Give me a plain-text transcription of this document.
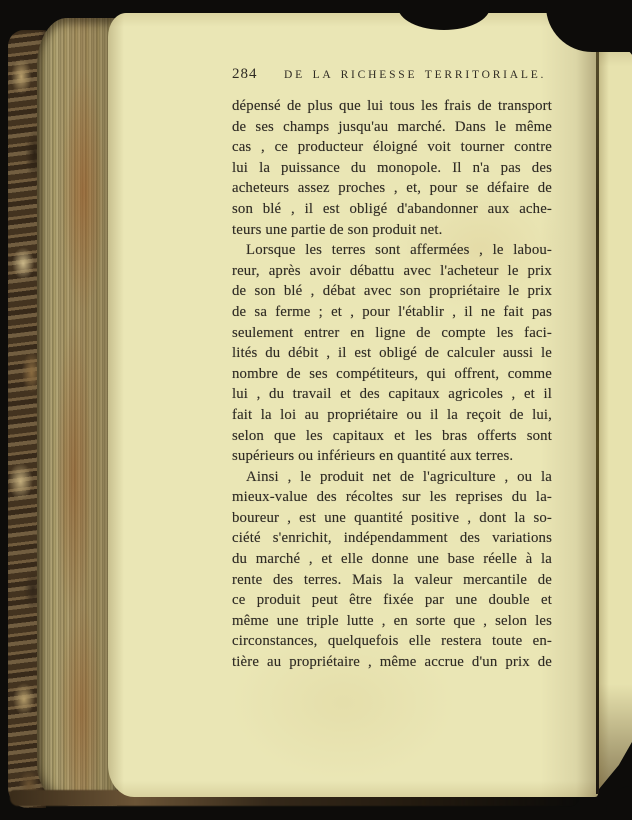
284 DE LA RICHESSE TERRITORIALE.
dépensé de plus que lui tous les frais de transport
de ses champs jusqu'au marché. Dans le même
cas , ce producteur éloigné voit tourner contre
lui la puissance du monopole. Il n'a pas des
acheteurs assez proches , et, pour se défaire de
son blé , il est obligé d'abandonner aux ache-
teurs une partie de son produit net.
Lorsque les terres sont affermées , le labou-
reur, après avoir débattu avec l'acheteur le prix
de son blé , débat avec son propriétaire le prix
de sa ferme ; et , pour l'établir , il ne fait pas
seulement entrer en ligne de compte les faci-
lités du débit , il est obligé de calculer aussi le
nombre de ses compétiteurs, qui offrent, comme
lui , du travail et des capitaux agricoles , et il
fait la loi au propriétaire ou il la reçoit de lui,
selon que les capitaux et les bras offerts sont
supérieurs ou inférieurs en quantité aux terres.
Ainsi , le produit net de l'agriculture , ou la
mieux-value des récoltes sur les reprises du la-
boureur , est une quantité positive , dont la so-
ciété s'enrichit, indépendamment des variations
du marché , et elle donne une base réelle à la
rente des terres. Mais la valeur mercantile de
ce produit peut être fixée par une double et
même une triple lutte , en sorte que , selon les
circonstances, quelquefois elle restera toute en-
tière au propriétaire , même accrue d'un prix de
